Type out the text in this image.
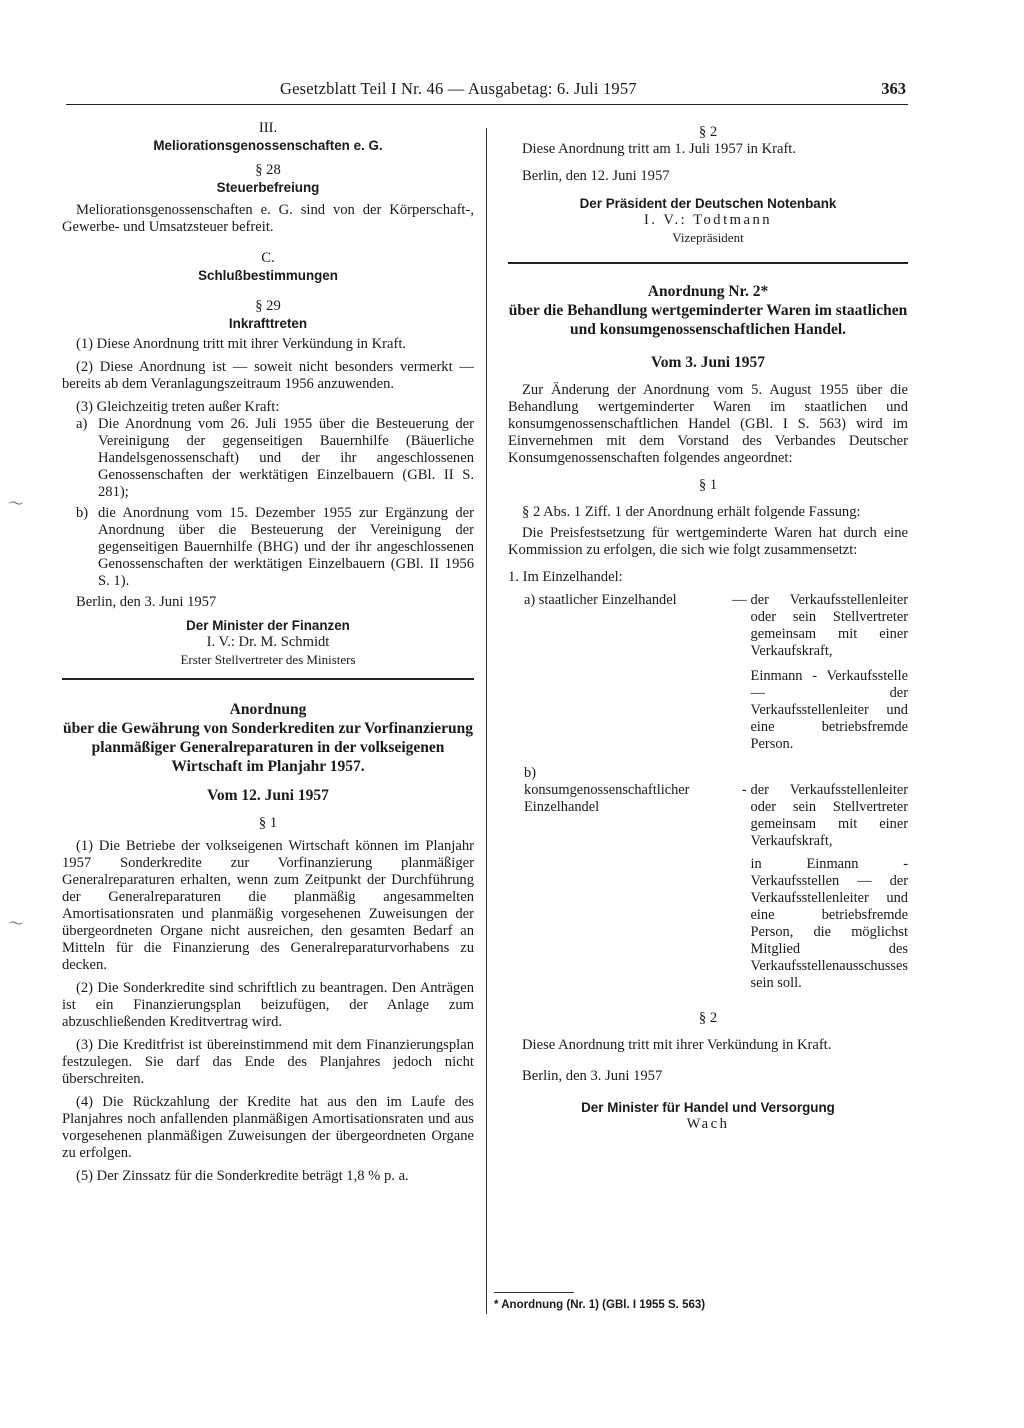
Gesetzblatt Teil I Nr. 46 — Ausgabetag: 6. Juli 1957	363
〜
〜

III.

Meliorationsgenossenschaften e. G.

§ 28

Steuerbefreiung

Meliorationsgenossenschaften e. G. sind von der Körperschaft-, Gewerbe- und Umsatzsteuer befreit.

C.

Schlußbestimmungen

§ 29

Inkrafttreten

(1) Diese Anordnung tritt mit ihrer Verkündung in Kraft.

(2) Diese Anordnung ist — soweit nicht besonders vermerkt — bereits ab dem Veranlagungszeitraum 1956 anzuwenden.

(3) Gleichzeitig treten außer Kraft:

a) Die Anordnung vom 26. Juli 1955 über die Besteuerung der Vereinigung der gegenseitigen Bauernhilfe (Bäuerliche Handelsgenossenschaft) und der ihr angeschlossenen Genossenschaften der werktätigen Einzelbauern (GBl. II S. 281);
b) die Anordnung vom 15. Dezember 1955 zur Ergänzung der Anordnung über die Besteuerung der Vereinigung der gegenseitigen Bauernhilfe (BHG) und der ihr angeschlossenen Genossenschaften der werktätigen Einzelbauern (GBl. II 1956 S. 1).

Berlin, den 3. Juni 1957

Der Minister der Finanzen

I. V.: Dr. M. Schmidt

Erster Stellvertreter des Ministers

Anordnung

über die Gewährung von Sonderkrediten zur Vorfinanzierung planmäßiger Generalreparaturen in der volkseigenen Wirtschaft im Planjahr 1957.

Vom 12. Juni 1957

§ 1

(1) Die Betriebe der volkseigenen Wirtschaft können im Planjahr 1957 Sonderkredite zur Vorfinanzierung planmäßiger Generalreparaturen erhalten, wenn zum Zeitpunkt der Durchführung der Generalreparaturen die planmäßig angesammelten Amortisationsraten und planmäßig vorgesehenen Zuweisungen der übergeordneten Organe nicht ausreichen, den gesamten Bedarf an Mitteln für die Finanzierung des Generalreparaturvorhabens zu decken.

(2) Die Sonderkredite sind schriftlich zu beantragen. Den Anträgen ist ein Finanzierungsplan beizufügen, der Anlage zum abzuschließenden Kreditvertrag wird.

(3) Die Kreditfrist ist übereinstimmend mit dem Finanzierungsplan festzulegen. Sie darf das Ende des Planjahres jedoch nicht überschreiten.

(4) Die Rückzahlung der Kredite hat aus den im Laufe des Planjahres noch anfallenden planmäßigen Amortisationsraten und aus vorgesehenen planmäßigen Zuweisungen der übergeordneten Organe zu erfolgen.

(5) Der Zinssatz für die Sonderkredite beträgt 1,8 % p. a.

§ 2

Diese Anordnung tritt am 1. Juli 1957 in Kraft.

Berlin, den 12. Juni 1957

Der Präsident der Deutschen Notenbank

I. V.: Todtmann

Vizepräsident

Anordnung Nr. 2*

über die Behandlung wertgeminderter Waren im staatlichen und konsumgenossenschaftlichen Handel.

Vom 3. Juni 1957

Zur Änderung der Anordnung vom 5. August 1955 über die Behandlung wertgeminderter Waren im staatlichen und konsumgenossenschaftlichen Handel (GBl. I S. 563) wird im Einvernehmen mit dem Vorstand des Verbandes Deutscher Konsumgenossenschaften folgendes angeordnet:

§ 1

§ 2 Abs. 1 Ziff. 1 der Anordnung erhält folgende Fassung:

Die Preisfestsetzung für wertgeminderte Waren hat durch eine Kommission zu erfolgen, die sich wie folgt zusammensetzt:

1. Im Einzelhandel:

a) staatlicher Einzelhandel	—	der Verkaufsstellenleiter oder sein Stellvertreter gemeinsam mit einer Verkaufskraft,

		Einmann - Verkaufsstelle — der Verkaufsstellenleiter und eine betriebsfremde Person.

b) konsumgenossenschaftlicher Einzelhandel	-	der Verkaufsstellenleiter oder sein Stellvertreter gemeinsam mit einer Verkaufskraft,

		in Einmann - Verkaufsstellen — der Verkaufsstellenleiter und eine betriebsfremde Person, die möglichst Mitglied des Verkaufsstellenausschusses sein soll.

§ 2

Diese Anordnung tritt mit ihrer Verkündung in Kraft.

Berlin, den 3. Juni 1957

Der Minister für Handel und Versorgung

Wach

* Anordnung (Nr. 1) (GBl. I 1955 S. 563)
